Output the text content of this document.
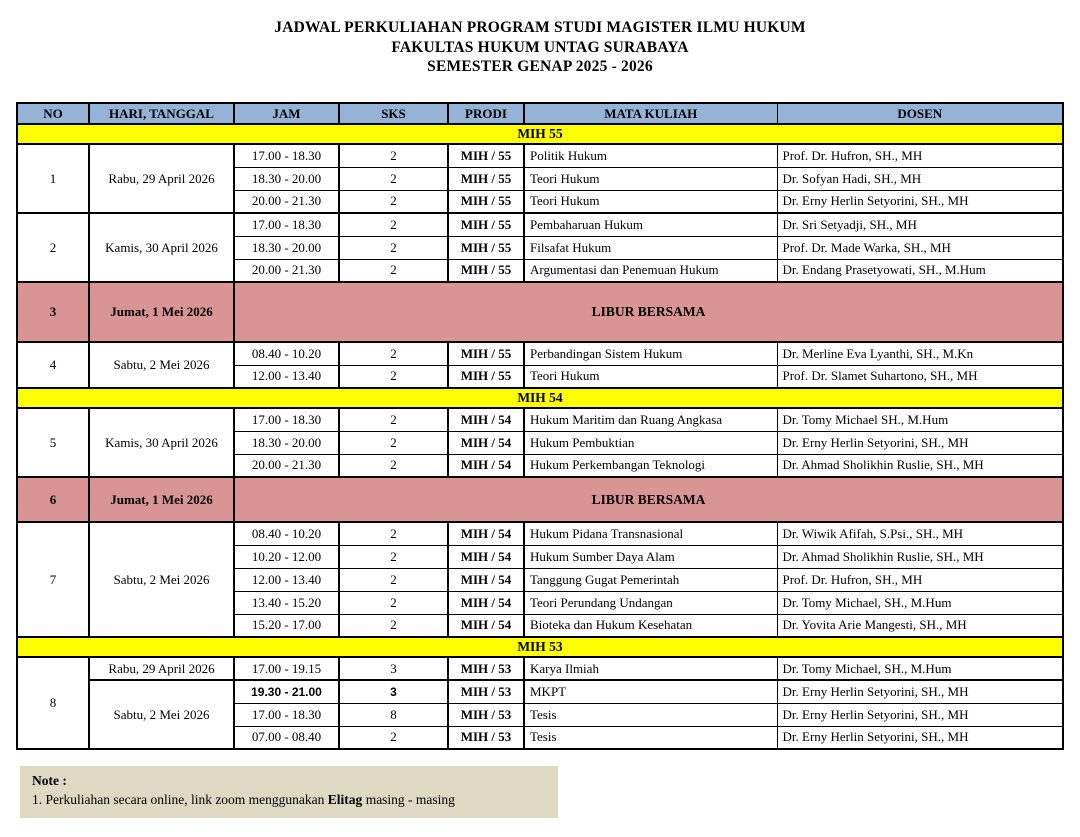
JADWAL PERKULIAHAN PROGRAM STUDI MAGISTER ILMU HUKUM
FAKULTAS HUKUM UNTAG SURABAYA
SEMESTER GENAP 2025 - 2026
NO	HARI, TANGGAL	JAM	SKS	PRODI	MATA KULIAH	DOSEN
MIH 55						
1	Rabu, 29 April 2026	17.00 - 18.30	2	MIH / 55	Politik Hukum	Prof. Dr. Hufron, SH., MH
		18.30 - 20.00	2	MIH / 55	Teori Hukum	Dr. Sofyan Hadi, SH., MH
		20.00 - 21.30	2	MIH / 55	Teori Hukum	Dr. Erny Herlin Setyorini, SH., MH
2	Kamis, 30 April 2026	17.00 - 18.30	2	MIH / 55	Pembaharuan Hukum	Dr. Sri Setyadji, SH., MH
		18.30 - 20.00	2	MIH / 55	Filsafat Hukum	Prof. Dr. Made Warka, SH., MH
		20.00 - 21.30	2	MIH / 55	Argumentasi dan Penemuan Hukum	Dr. Endang Prasetyowati, SH., M.Hum
3	Jumat, 1 Mei 2026	LIBUR BERSAMA				
4	Sabtu, 2 Mei 2026	08.40 - 10.20	2	MIH / 55	Perbandingan Sistem Hukum	Dr. Merline Eva Lyanthi, SH., M.Kn
		12.00 - 13.40	2	MIH / 55	Teori Hukum	Prof. Dr. Slamet Suhartono, SH., MH
MIH 54						
5	Kamis, 30 April 2026	17.00 - 18.30	2	MIH / 54	Hukum Maritim dan Ruang Angkasa	Dr. Tomy Michael SH., M.Hum
		18.30 - 20.00	2	MIH / 54	Hukum Pembuktian	Dr. Erny Herlin Setyorini, SH., MH
		20.00 - 21.30	2	MIH / 54	Hukum Perkembangan Teknologi	Dr. Ahmad Sholikhin Ruslie, SH., MH
6	Jumat, 1 Mei 2026	LIBUR BERSAMA				
7	Sabtu, 2 Mei 2026	08.40 - 10.20	2	MIH / 54	Hukum Pidana Transnasional	Dr. Wiwik Afifah, S.Psi., SH., MH
		10.20 - 12.00	2	MIH / 54	Hukum Sumber Daya Alam	Dr. Ahmad Sholikhin Ruslie, SH., MH
		12.00 - 13.40	2	MIH / 54	Tanggung Gugat Pemerintah	Prof. Dr. Hufron, SH., MH
		13.40 - 15.20	2	MIH / 54	Teori Perundang Undangan	Dr. Tomy Michael, SH., M.Hum
		15.20 - 17.00	2	MIH / 54	Bioteka dan Hukum Kesehatan	Dr. Yovita Arie Mangesti, SH., MH
MIH 53						
8	Rabu, 29 April 2026	17.00 - 19.15	3	MIH / 53	Karya Ilmiah	Dr. Tomy Michael, SH., M.Hum
	Sabtu, 2 Mei 2026	19.30 - 21.00	3	MIH / 53	MKPT	Dr. Erny Herlin Setyorini, SH., MH
		17.00 - 18.30	8	MIH / 53	Tesis	Dr. Erny Herlin Setyorini, SH., MH
		07.00 - 08.40	2	MIH / 53	Tesis	Dr. Erny Herlin Setyorini, SH., MH
Note :
1. Perkuliahan secara online, link zoom menggunakan Elitag masing - masing
